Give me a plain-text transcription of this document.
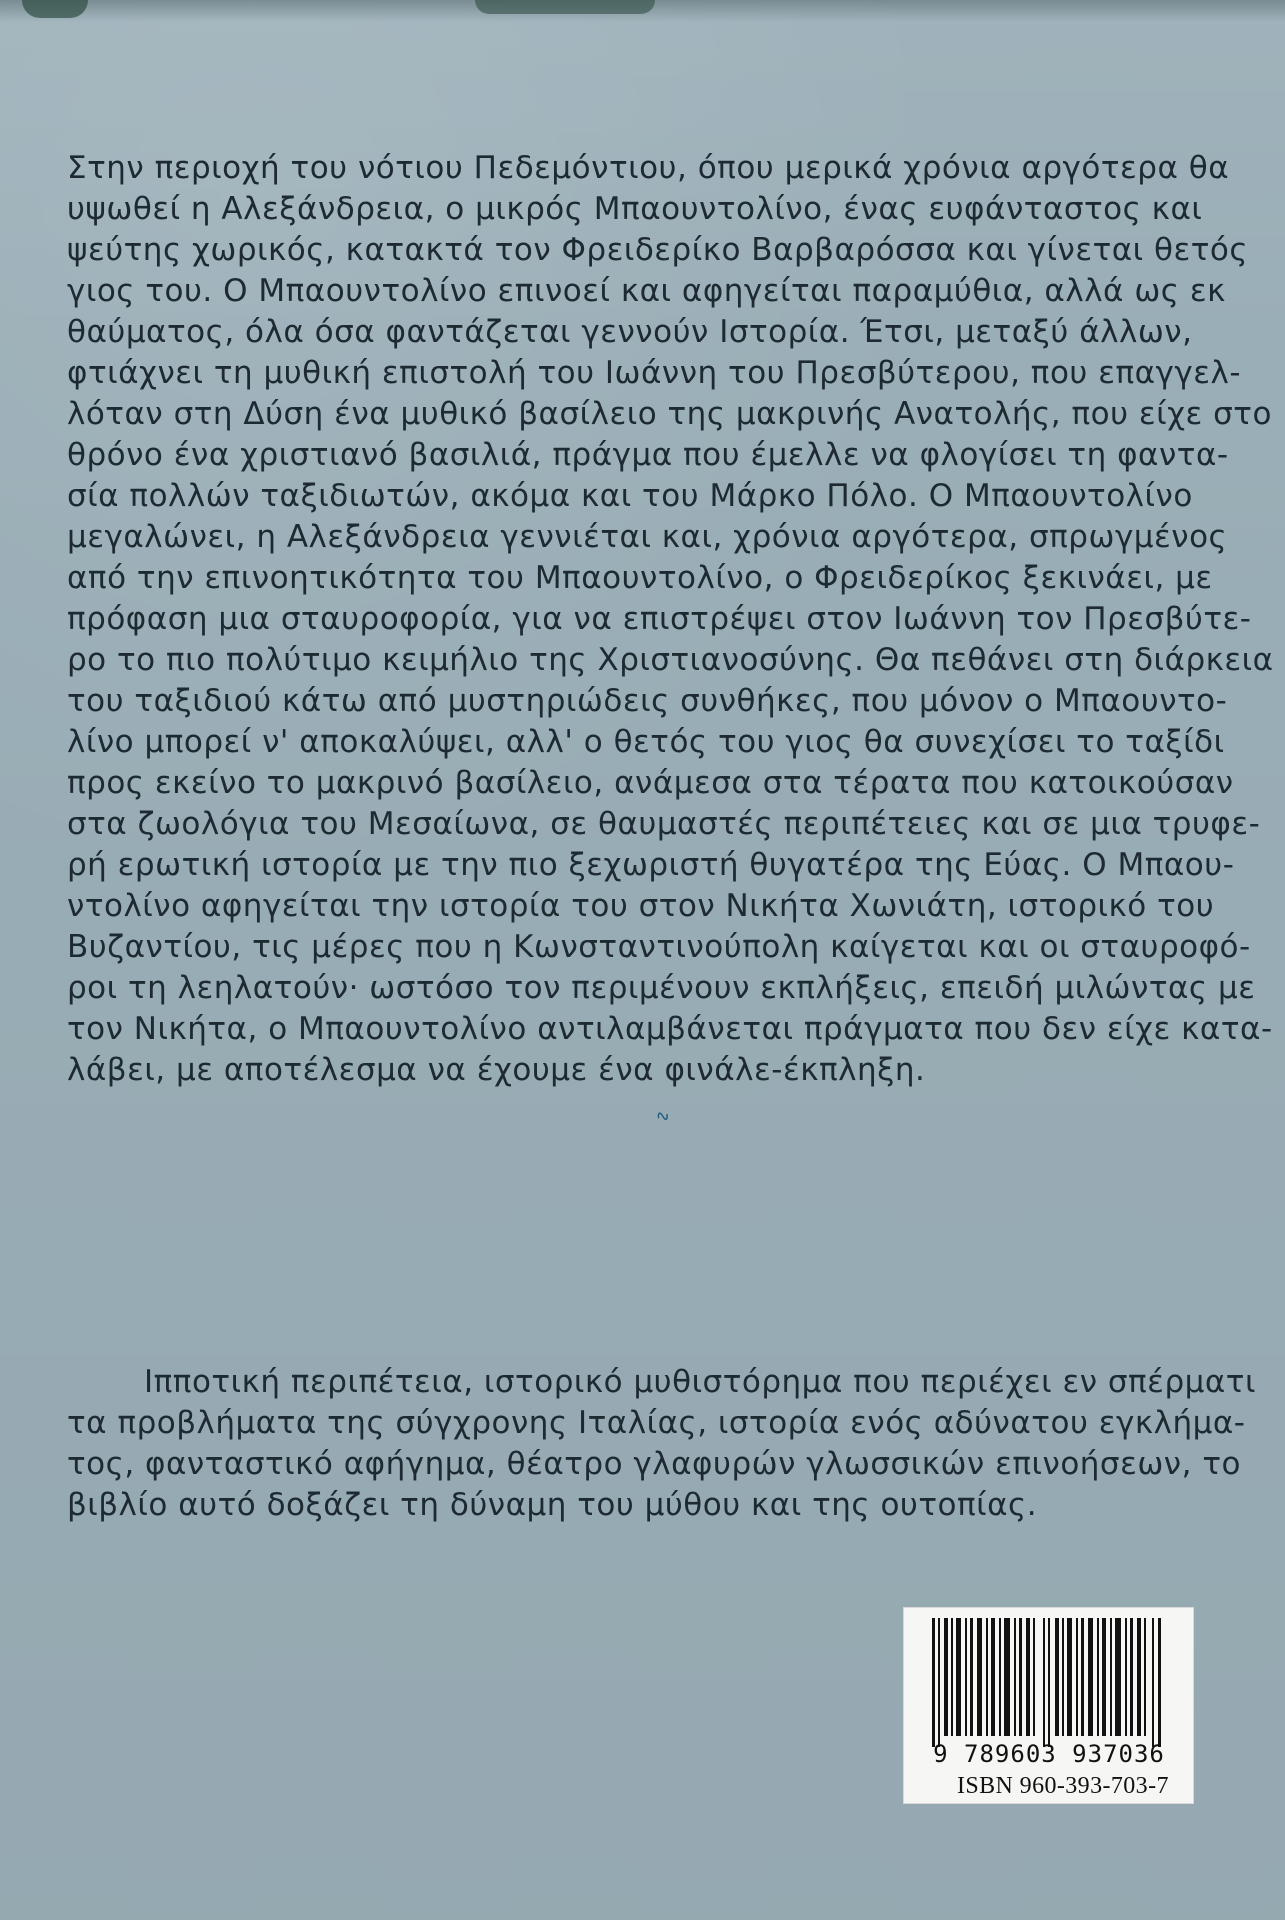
Στην περιοχή του νότιου Πεδεμόντιου, όπου μερικά χρόνια αργότερα θα
υψωθεί η Αλεξάνδρεια, ο μικρός Μπαουντολίνο, ένας ευφάνταστος και
ψεύτης χωρικός, κατακτά τον Φρειδερίκο Βαρβαρόσσα και γίνεται θετός
γιος του. Ο Μπαουντολίνο επινοεί και αφηγείται παραμύθια, αλλά ως εκ
θαύματος, όλα όσα φαντάζεται γεννούν Ιστορία. Έτσι, μεταξύ άλλων,
φτιάχνει τη μυθική επιστολή του Ιωάννη του Πρεσβύτερου, που επαγγελ-
λόταν στη Δύση ένα μυθικό βασίλειο της μακρινής Ανατολής, που είχε στο
θρόνο ένα χριστιανό βασιλιά, πράγμα που έμελλε να φλογίσει τη φαντα-
σία πολλών ταξιδιωτών, ακόμα και του Μάρκο Πόλο. Ο Μπαουντολίνο
μεγαλώνει, η Αλεξάνδρεια γεννιέται και, χρόνια αργότερα, σπρωγμένος
από την επινοητικότητα του Μπαουντολίνο, ο Φρειδερίκος ξεκινάει, με
πρόφαση μια σταυροφορία, για να επιστρέψει στον Ιωάννη τον Πρεσβύτε-
ρο το πιο πολύτιμο κειμήλιο της Χριστιανοσύνης. Θα πεθάνει στη διάρκεια
του ταξιδιού κάτω από μυστηριώδεις συνθήκες, που μόνον ο Μπαουντο-
λίνο μπορεί ν' αποκαλύψει, αλλ' ο θετός του γιος θα συνεχίσει το ταξίδι
προς εκείνο το μακρινό βασίλειο, ανάμεσα στα τέρατα που κατοικούσαν
στα ζωολόγια του Μεσαίωνα, σε θαυμαστές περιπέτειες και σε μια τρυφε-
ρή ερωτική ιστορία με την πιο ξεχωριστή θυγατέρα της Εύας. Ο Μπαου-
ντολίνο αφηγείται την ιστορία του στον Νικήτα Χωνιάτη, ιστορικό του
Βυζαντίου, τις μέρες που η Κωνσταντινούπολη καίγεται και οι σταυροφό-
ροι τη λεηλατούν· ωστόσο τον περιμένουν εκπλήξεις, επειδή μιλώντας με
τον Νικήτα, ο Μπαουντολίνο αντιλαμβάνεται πράγματα που δεν είχε κατα-
λάβει, με αποτέλεσμα να έχουμε ένα φινάλε-έκπληξη.
∿
Ιπποτική περιπέτεια, ιστορικό μυθιστόρημα που περιέχει εν σπέρματι
τα προβλήματα της σύγχρονης Ιταλίας, ιστορία ενός αδύνατου εγκλήμα-
τος, φανταστικό αφήγημα, θέατρο γλαφυρών γλωσσικών επινοήσεων, το
βιβλίο αυτό δοξάζει τη δύναμη του μύθου και της ουτοπίας.
9 789603 937036
ISBN 960-393-703-7
